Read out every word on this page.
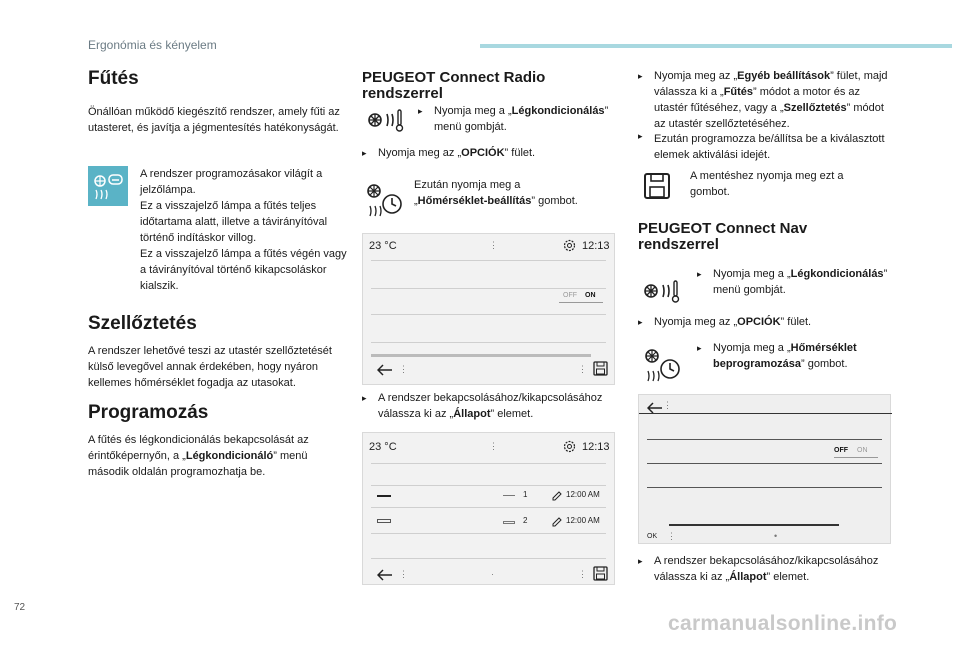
Ergonómia és kényelem
Fűtés
Önállóan működő kiegészítő rendszer, amely fűti az utasteret, és javítja a jégmentesítés hatékonyságát.
A rendszer programozásakor világít a jelzőlámpa.
Ez a visszajelző lámpa a fűtés teljes időtartama alatt, illetve a távirányítóval történő indításkor villog.
Ez a visszajelző lámpa a fűtés végén vagy a távirányítóval történő kikapcsoláskor kialszik.
Szellőztetés
A rendszer lehetővé teszi az utastér szellőztetését külső levegővel annak érdekében, hogy nyáron kellemes hőmérséklet fogadja az utasokat.
Programozás
A fűtés és légkondicionálás bekapcsolását az érintőképernyőn, a „Légkondicionáló” menü második oldalán programozhatja be.
PEUGEOT Connect Radio
rendszerrel
▸ Nyomja meg a „Légkondicionálás” menü gombját.
▸ Nyomja meg az „OPCIÓK” fület.
Ezután nyomja meg a
„Hőmérséklet-beállítás” gombot.
23 °C	⋮	12:13
OFF ON
⋮	⋮
▸ A rendszer bekapcsolásához/kikapcsolásához válassza ki az „Állapot” elemet.
23 °C	⋮	12:13
1	12:00 AM
2	12:00 AM
⋮	·	⋮
▸ Nyomja meg az „Egyéb beállítások” fület, majd válassza ki a „Fűtés” módot a motor és az utastér fűtéséhez, vagy a „Szellőztetés” módot az utastér szellőztetéséhez.
Ezután programozza be/állítsa be a kiválasztott elemek aktiválási idejét.
▸
A mentéshez nyomja meg ezt a gombot.
PEUGEOT Connect Nav
rendszerrel
▸ Nyomja meg a „Légkondicionálás” menü gombját.
▸ Nyomja meg az „OPCIÓK” fület.
▸ Nyomja meg a „Hőmérséklet beprogramozása” gombot.
⋮
OFF ON
OK ⋮	•
▸ A rendszer bekapcsolásához/kikapcsolásához válassza ki az „Állapot” elemet.
72
carmanualsonline.info
